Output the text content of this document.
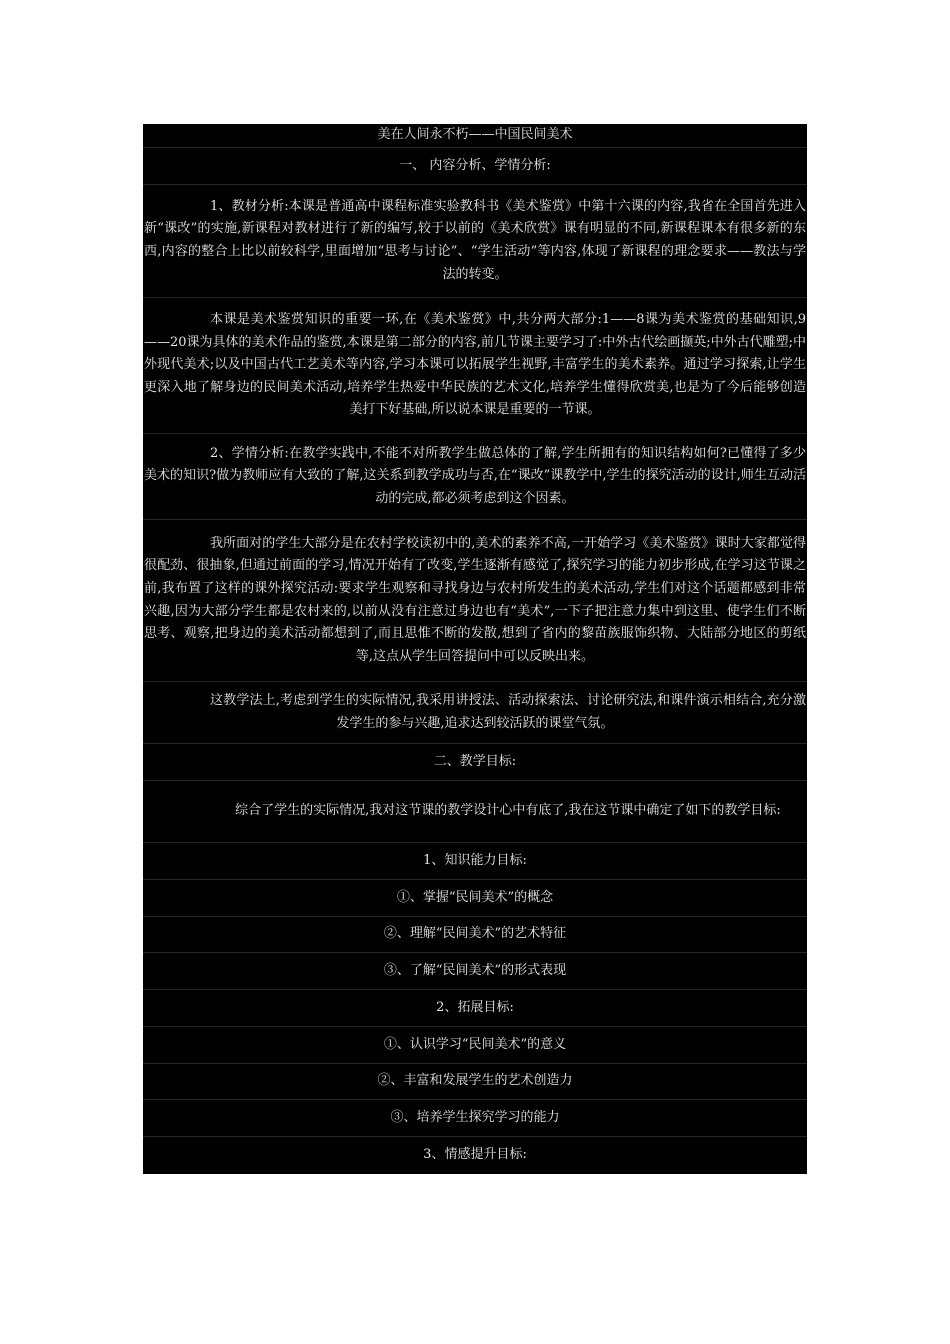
美在人间永不朽——中国民间美术
一、 内容分析、学情分析:
1、教材分析:本课是普通高中课程标准实验教科书《美术鉴赏》中第十六课的内容,我省在全国首先进入新“课改”的实施,新课程对教材进行了新的编写,较于以前的《美术欣赏》课有明显的不同,新课程课本有很多新的东西,内容的整合上比以前较科学,里面增加“思考与讨论”、“学生活动”等内容,体现了新课程的理念要求——教法与学法的转变。
本课是美术鉴赏知识的重要一环,在《美术鉴赏》中,共分两大部分:1——8课为美术鉴赏的基础知识,9——20课为具体的美术作品的鉴赏,本课是第二部分的内容,前几节课主要学习了:中外古代绘画撷英;中外古代雕塑;中外现代美术;以及中国古代工艺美术等内容,学习本课可以拓展学生视野,丰富学生的美术素养。通过学习探索,让学生更深入地了解身边的民间美术活动,培养学生热爱中华民族的艺术文化,培养学生懂得欣赏美,也是为了今后能够创造美打下好基础,所以说本课是重要的一节课。
2、学情分析:在教学实践中,不能不对所教学生做总体的了解,学生所拥有的知识结构如何?已懂得了多少美术的知识?做为教师应有大致的了解,这关系到教学成功与否,在“课改”课教学中,学生的探究活动的设计,师生互动活动的完成,都必须考虑到这个因素。
我所面对的学生大部分是在农村学校读初中的,美术的素养不高,一开始学习《美术鉴赏》课时大家都觉得很配劲、很抽象,但通过前面的学习,情况开始有了改变,学生逐渐有感觉了,探究学习的能力初步形成,在学习这节课之前,我布置了这样的课外探究活动:要求学生观察和寻找身边与农村所发生的美术活动,学生们对这个话题都感到非常兴趣,因为大部分学生都是农村来的,以前从没有注意过身边也有“美术”,一下子把注意力集中到这里、使学生们不断思考、观察,把身边的美术活动都想到了,而且思惟不断的发散,想到了省内的黎苗族服饰织物、大陆部分地区的剪纸等,这点从学生回答提问中可以反映出来。
这教学法上,考虑到学生的实际情况,我采用讲授法、活动探索法、讨论研究法,和课件演示相结合,充分激发学生的参与兴趣,追求达到较活跃的课堂气氛。
二、教学目标:
综合了学生的实际情况,我对这节课的教学设计心中有底了,我在这节课中确定了如下的教学目标:
1、知识能力目标:
①、掌握“民间美术”的概念
②、理解“民间美术”的艺术特征
③、了解“民间美术”的形式表现
2、拓展目标:
①、认识学习“民间美术”的意义
②、丰富和发展学生的艺术创造力
③、培养学生探究学习的能力
3、情感提升目标:
